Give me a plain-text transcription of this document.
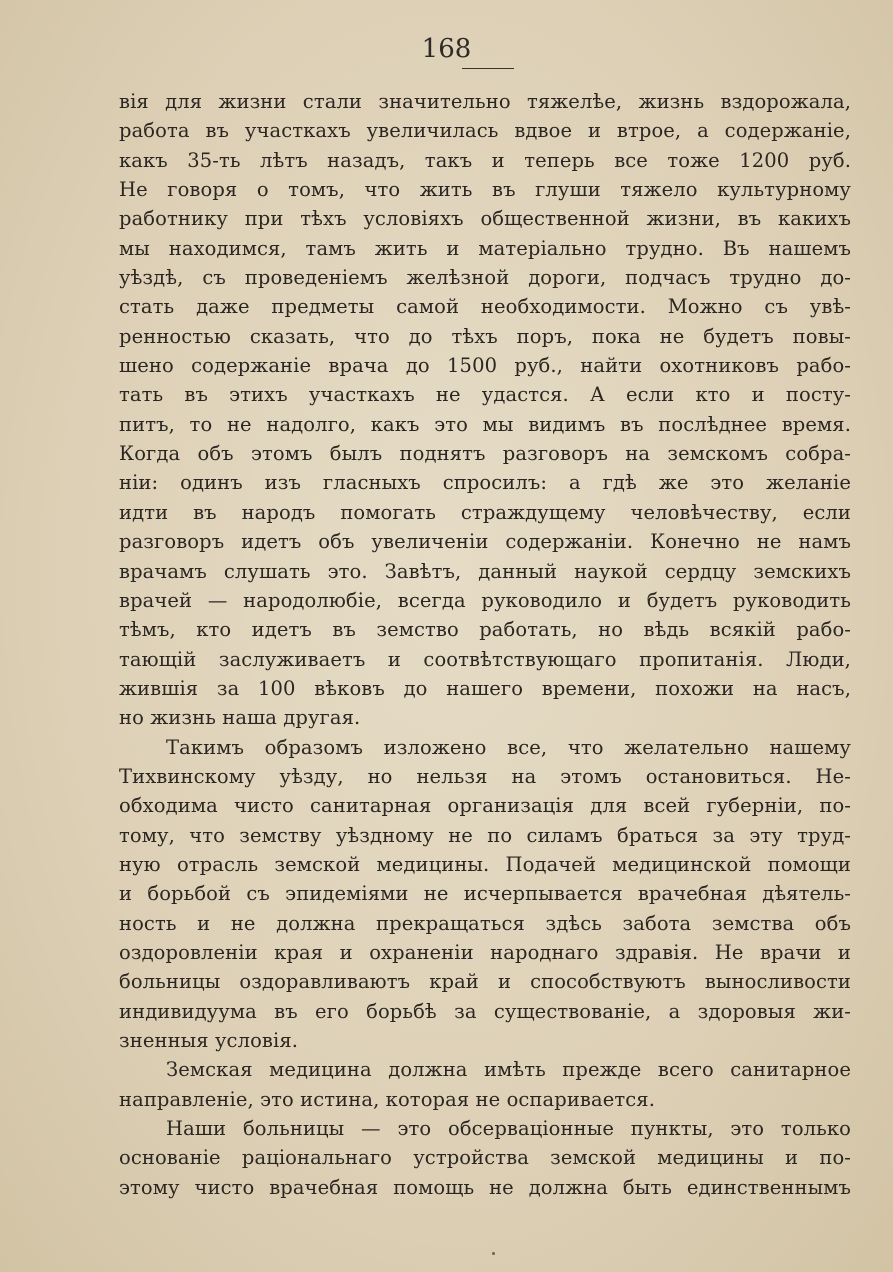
168
вія для жизни стали значительно тяжелѣе, жизнь вздорожала,
работа въ участкахъ увеличилась вдвое и втрое, а содержаніе,
какъ 35-ть лѣтъ назадъ, такъ и теперь все тоже 1200 руб.
Не говоря о томъ, что жить въ глуши тяжело культурному
работнику при тѣхъ условіяхъ общественной жизни, въ какихъ
мы находимся, тамъ жить и матеріально трудно. Въ нашемъ
уѣздѣ, съ проведеніемъ желѣзной дороги, подчасъ трудно до-
стать даже предметы самой необходимости. Можно съ увѣ-
ренностью сказать, что до тѣхъ поръ, пока не будетъ повы-
шено содержаніе врача до 1500 руб., найти охотниковъ рабо-
тать въ этихъ участкахъ не удастся. А если кто и посту-
питъ, то не надолго, какъ это мы видимъ въ послѣднее время.
Когда объ этомъ былъ поднятъ разговоръ на земскомъ собра-
ніи: одинъ изъ гласныхъ спросилъ: а гдѣ же это желаніе
идти въ народъ помогать страждущему человѣчеству, если
разговоръ идетъ объ увеличеніи содержаніи. Конечно не намъ
врачамъ слушать это. Завѣтъ, данный наукой сердцу земскихъ
врачей — народолюбіе, всегда руководило и будетъ руководить
тѣмъ, кто идетъ въ земство работать, но вѣдь всякій рабо-
тающій заслуживаетъ и соотвѣтствующаго пропитанія. Люди,
жившія за 100 вѣковъ до нашего времени, похожи на насъ,
но жизнь наша другая.
Такимъ образомъ изложено все, что желательно нашему
Тихвинскому уѣзду, но нельзя на этомъ остановиться. Не-
обходима чисто санитарная организація для всей губерніи, по-
тому, что земству уѣздному не по силамъ браться за эту труд-
ную отрасль земской медицины. Подачей медицинской помощи
и борьбой съ эпидеміями не исчерпывается врачебная дѣятель-
ность и не должна прекращаться здѣсь забота земства объ
оздоровленіи края и охраненіи народнаго здравія. Не врачи и
больницы оздоравливаютъ край и способствуютъ выносливости
индивидуума въ его борьбѣ за существованіе, а здоровыя жи-
зненныя условія.
Земская медицина должна имѣть прежде всего санитарное
направленіе, это истина, которая не оспаривается.
Наши больницы — это обсерваціонные пункты, это только
основаніе раціональнаго устройства земской медицины и по-
этому чисто врачебная помощь не должна быть единственнымъ
